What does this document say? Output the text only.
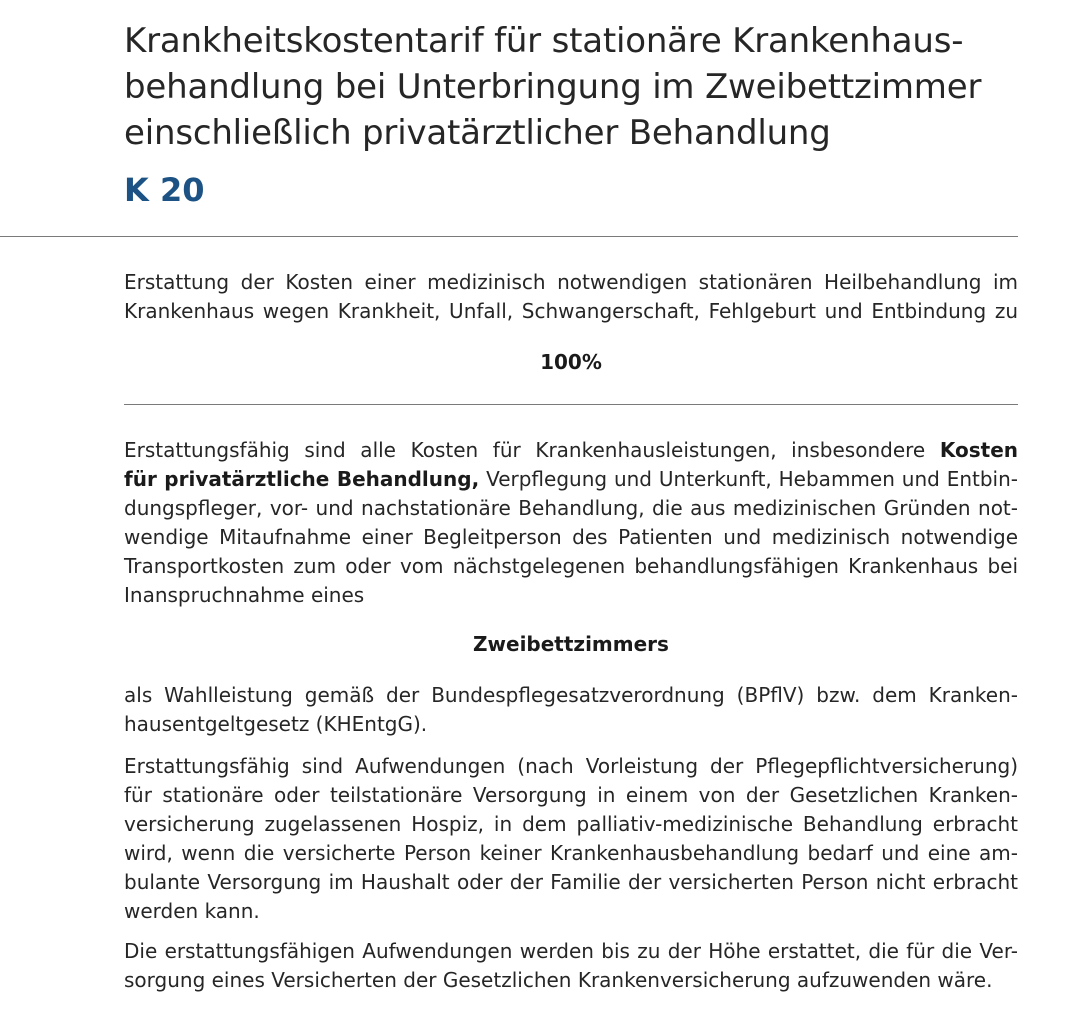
Krankheitskostentarif für stationäre Krankenhaus-
behandlung bei Unterbringung im Zweibettzimmer
einschließlich privatärztlicher Behandlung
K 20
Erstattung der Kosten einer medizinisch notwendigen stationären Heilbehandlung im
Krankenhaus wegen Krankheit, Unfall, Schwangerschaft, Fehlgeburt und Entbindung zu
100%
Erstattungsfähig sind alle Kosten für Krankenhausleistungen, insbesondere Kosten
für privatärztliche Behandlung, Verpflegung und Unterkunft, Hebammen und Entbin-
dungspfleger, vor- und nachstationäre Behandlung, die aus medizinischen Gründen not-
wendige Mitaufnahme einer Begleitperson des Patienten und medizinisch notwendige
Transportkosten zum oder vom nächstgelegenen behandlungsfähigen Krankenhaus bei
Inanspruchnahme eines
Zweibettzimmers
als Wahlleistung gemäß der Bundespflegesatzverordnung (BPflV) bzw. dem Kranken-
hausentgeltgesetz (KHEntgG).
Erstattungsfähig sind Aufwendungen (nach Vorleistung der Pflegepflichtversicherung)
für stationäre oder teilstationäre Versorgung in einem von der Gesetzlichen Kranken-
versicherung zugelassenen Hospiz, in dem palliativ-medizinische Behandlung erbracht
wird, wenn die versicherte Person keiner Krankenhausbehandlung bedarf und eine am-
bulante Versorgung im Haushalt oder der Familie der versicherten Person nicht erbracht
werden kann.
Die erstattungsfähigen Aufwendungen werden bis zu der Höhe erstattet, die für die Ver-
sorgung eines Versicherten der Gesetzlichen Krankenversicherung aufzuwenden wäre.
